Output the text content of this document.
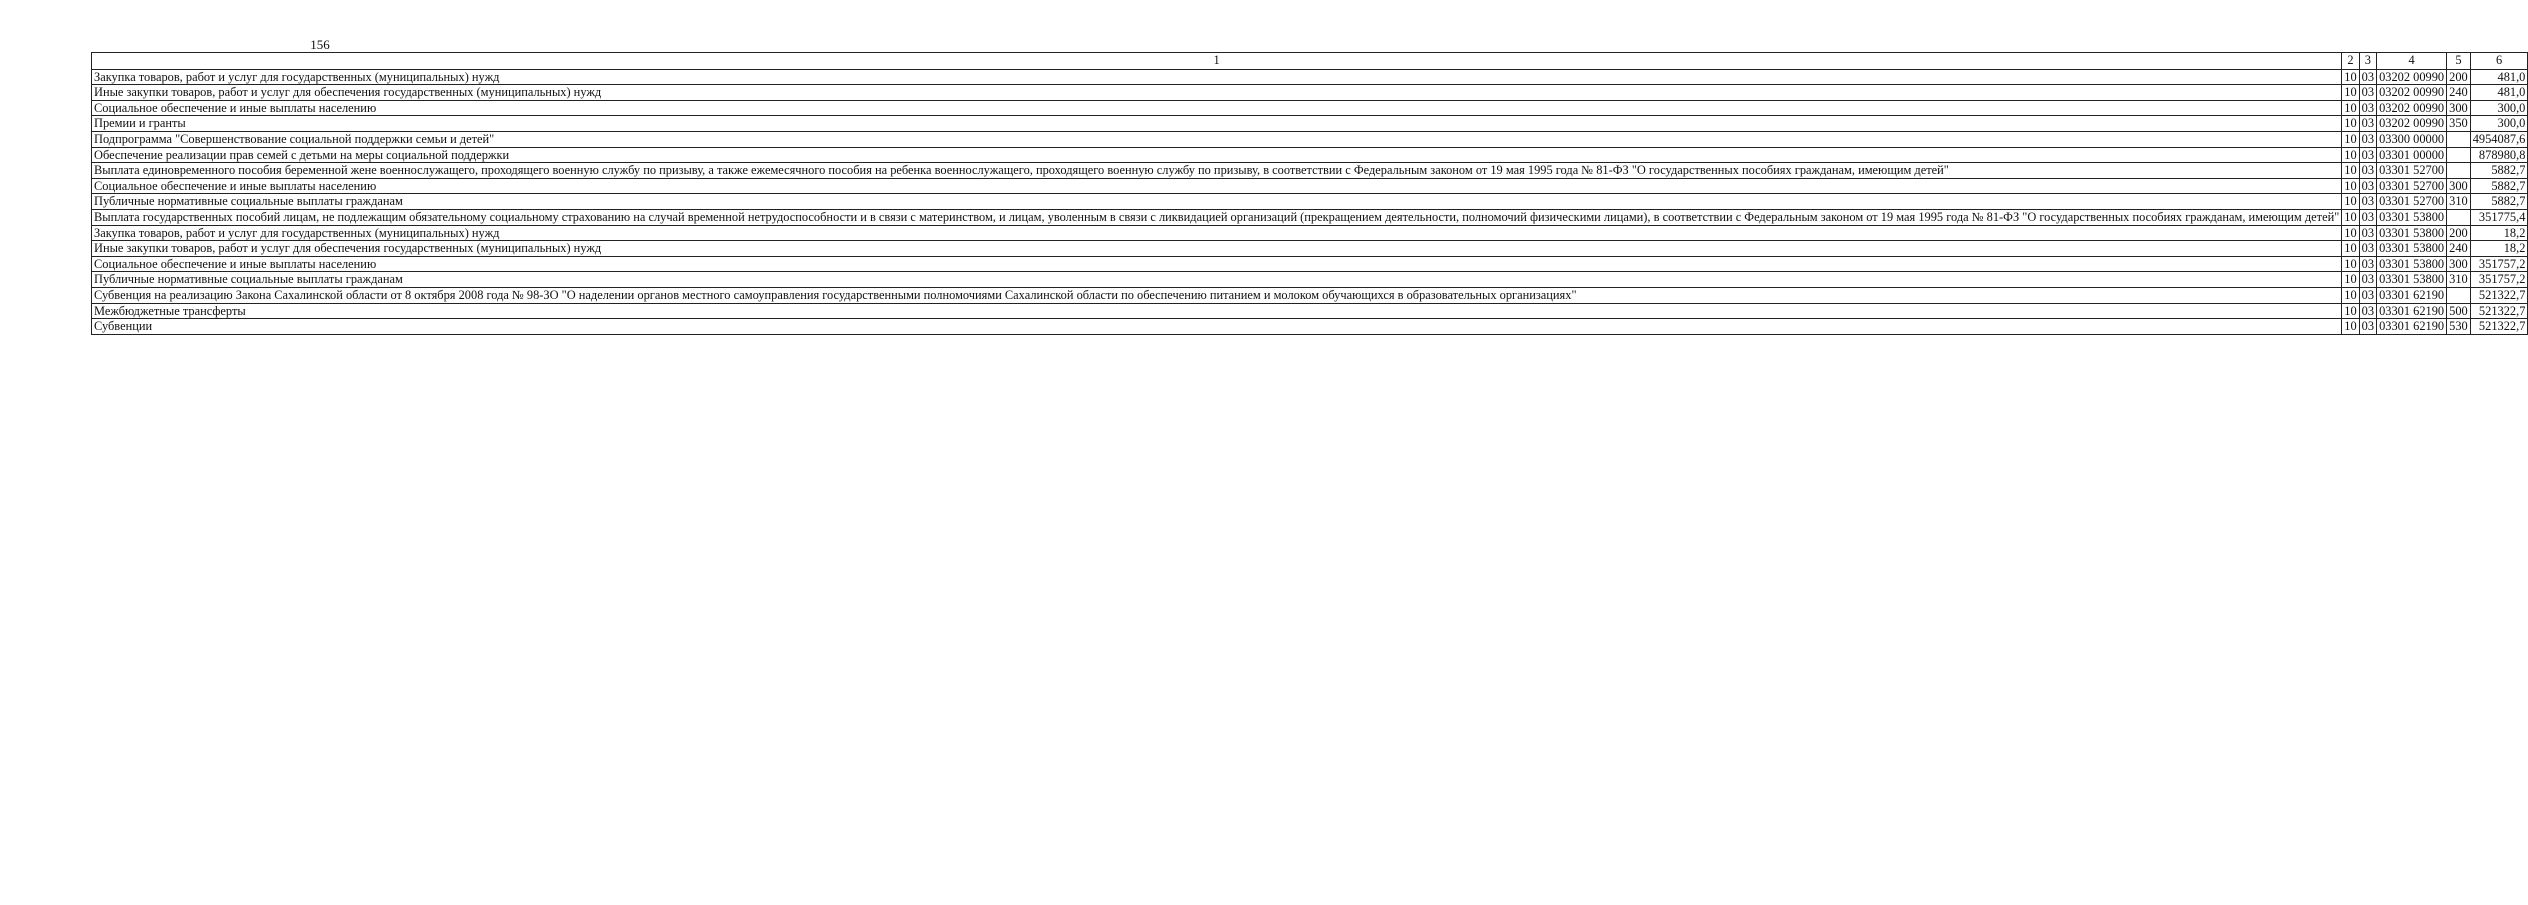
156
1	2	3	4	5	6
Закупка товаров, работ и услуг для государственных (муниципальных) нужд	10	03	03202 00990	200	481,0
Иные закупки товаров, работ и услуг для обеспечения государственных (муниципальных) нужд	10	03	03202 00990	240	481,0
Социальное обеспечение и иные выплаты населению	10	03	03202 00990	300	300,0
Премии и гранты	10	03	03202 00990	350	300,0
Подпрограмма "Совершенствование социальной поддержки семьи и детей"	10	03	03300 00000		4954087,6
Обеспечение реализации прав семей с детьми на меры социальной поддержки	10	03	03301 00000		878980,8
Выплата единовременного пособия беременной жене военнослужащего, проходящего военную службу по призыву, а также ежемесячного пособия на ребенка военнослужащего, проходящего военную службу по призыву, в соответствии с Федеральным законом от 19 мая 1995 года № 81-ФЗ "О государственных пособиях гражданам, имеющим детей"	10	03	03301 52700		5882,7
Социальное обеспечение и иные выплаты населению	10	03	03301 52700	300	5882,7
Публичные нормативные социальные выплаты гражданам	10	03	03301 52700	310	5882,7
Выплата государственных пособий лицам, не подлежащим обязательному социальному страхованию на случай временной нетрудоспособности и в связи с материнством, и лицам, уволенным в связи с ликвидацией организаций (прекращением деятельности, полномочий физическими лицами), в соответствии с Федеральным законом от 19 мая 1995 года № 81-ФЗ "О государственных пособиях гражданам, имеющим детей"	10	03	03301 53800		351775,4
Закупка товаров, работ и услуг для государственных (муниципальных) нужд	10	03	03301 53800	200	18,2
Иные закупки товаров, работ и услуг для обеспечения государственных (муниципальных) нужд	10	03	03301 53800	240	18,2
Социальное обеспечение и иные выплаты населению	10	03	03301 53800	300	351757,2
Публичные нормативные социальные выплаты гражданам	10	03	03301 53800	310	351757,2
Субвенция на реализацию Закона Сахалинской области от 8 октября 2008 года № 98-ЗО "О наделении органов местного самоуправления государственными полномочиями Сахалинской области по обеспечению питанием и молоком обучающихся в образовательных организациях"	10	03	03301 62190		521322,7
Межбюджетные трансферты	10	03	03301 62190	500	521322,7
Субвенции	10	03	03301 62190	530	521322,7
